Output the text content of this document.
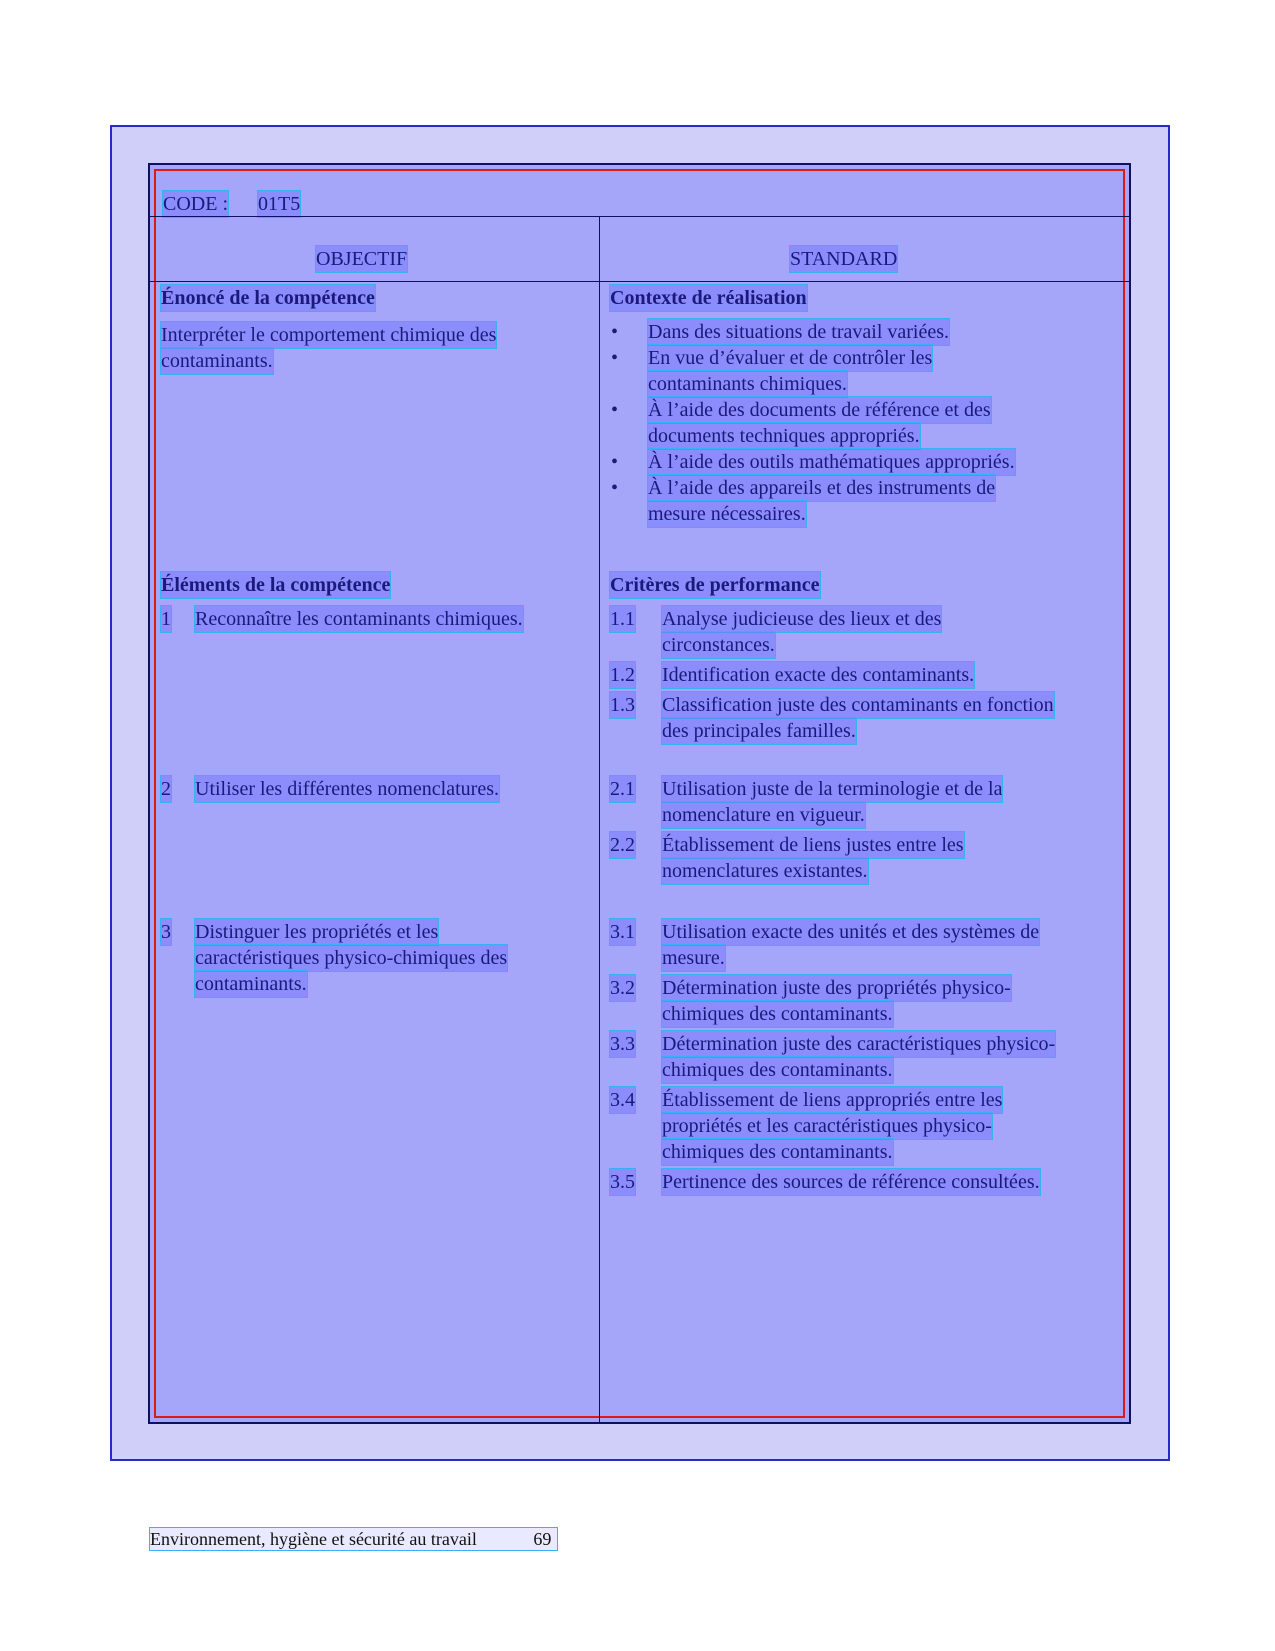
CODE : 01T5
OBJECTIF	STANDARD
Énoncé de la compétence
Interpréter le comportement chimique des
contaminants.
Éléments de la compétence
1 Reconnaître les contaminants chimiques.
2 Utiliser les différentes nomenclatures.
3 Distinguer les propriétés et les
caractéristiques physico-chimiques des
contaminants.
Contexte de réalisation
• Dans des situations de travail variées.
• En vue d’évaluer et de contrôler les
contaminants chimiques.
• À l’aide des documents de référence et des
documents techniques appropriés.
• À l’aide des outils mathématiques appropriés.
• À l’aide des appareils et des instruments de
mesure nécessaires.
Critères de performance
1.1 Analyse judicieuse des lieux et des
circonstances.
1.2 Identification exacte des contaminants.
1.3 Classification juste des contaminants en fonction
des principales familles.
2.1 Utilisation juste de la terminologie et de la
nomenclature en vigueur.
2.2 Établissement de liens justes entre les
nomenclatures existantes.
3.1 Utilisation exacte des unités et des systèmes de
mesure.
3.2 Détermination juste des propriétés physico-
chimiques des contaminants.
3.3 Détermination juste des caractéristiques physico-
chimiques des contaminants.
3.4 Établissement de liens appropriés entre les
propriétés et les caractéristiques physico-
chimiques des contaminants.
3.5 Pertinence des sources de référence consultées.
Environnement, hygiène et sécurité au travail	69
